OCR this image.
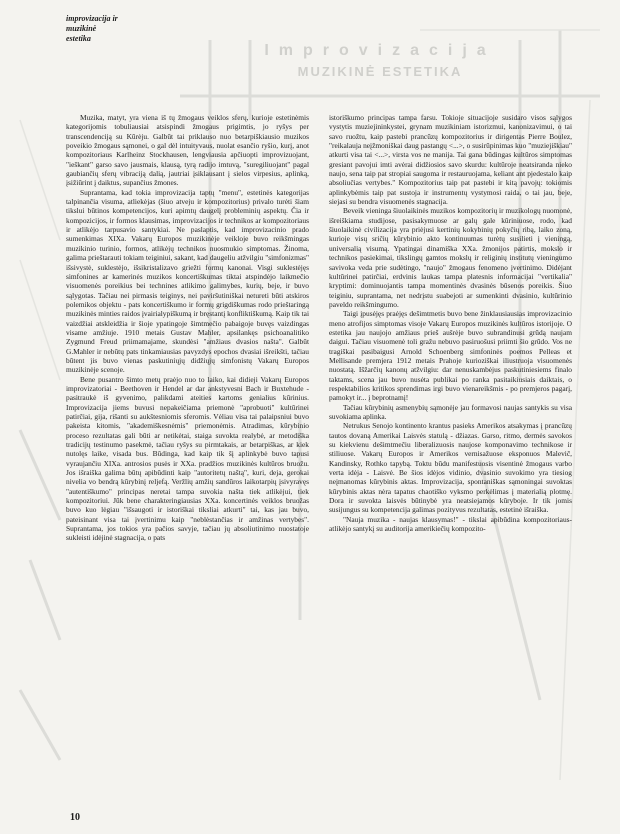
improvizacija ir
muzikinė
estetika
Improvizacija
MUZIKINĖ ESTETIKA

Muzika, matyt, yra viena iš tų žmogaus veiklos sferų, kurioje estetinėmis kategorijomis tobuliausiai atsispindi žmogaus prigimtis, jo ryšys per transcendenciją su Kūrėju. Galbūt tai priklauso nuo betarpiškiausio muzikos poveikio žmogaus sąmonei, o gal dėl intuityvaus, nuolat esančio ryšio, kurį, anot kompozitoriaus Karlheinz Stockhausen, lengviausia apčiuopti improvizuojant, "ieškant" garso savo jausmais, klausą, tyrą radijo imtuvą, "suregiliuojant" pagal gaubiančių sferų vibraciją dalią, jautriai įsiklausant į sielos virpesius, aplinką, įsižiūrint į daiktus, supančius žmones.

Suprantama, kad tokia improvizacija taptų "menu", estetinės kategorijas talpinančia visuma, atliekėjas (šiuo atveju ir kompozitorius) privalo turėti šiam tikslui būtinos kompetencijos, kuri apimtų daugelį probleminių aspektų. Čia ir kompozicijos, ir formos klausimas, improvizacijos ir technikos ar kompozitoriaus ir atlikėjo tarpusavio santykiai. Ne paslaptis, kad improvizacinio prado sumenkimas XIXa. Vakarų Europos muzikinėje veikloje buvo reikšmingas muzikinio turinio, formos, atlikėjų technikos nuosmukio simptomas. Žinoma, galima prieštarauti tokiam teiginiui, sakant, kad daugeliu atžvilgiu "simfonizmas" išsivystė, suklestėjo, išsikristalizavo griežti formų kanonai. Visgi suklestėjęs simfonines ar kamerinės muzikos koncertiškumas tiktai atspindėjo laikmečio visuomenės poreikius bei technines atlikimo galimybes, kurių, beje, ir buvo sąlygotas. Tačiau nei pirmasis teiginys, nei paviršutiniškai netureti būti atskiros polemikos objektu - pats koncertiškumo ir formų grigdiškumas rodo prieštaringą muzikinės minties raidos įvairialypiškumą ir bręstantį konfliktiškumą. Kaip tik tai vaizdžiai atskleidžia ir šioje ypatingoje šimtmečio pabaigoje buvęs vaizdingas visame amžiuje. 1910 metais Gustav Mahler, apsilankęs psichoanalitiko Zygmund Freud priimamajame, skundėsi "amžiaus dvasios našta". Galbūt G.Mahler ir nebūtų pats tinkamiausias pavyzdys epochos dvasiai išreikšti, tačiau būtent jis buvo vienas paskutiniųjų didžiųjų simfonistų Vakarų Europos muzikinėje scenoje.

Bene pusantro šimto metų praėjo nuo to laiko, kai didieji Vakarų Europos improvizatoriai - Beethoven ir Hendel ar dar ankstyvesni Bach ir Buxtehude - pasitraukė iš gyvenimo, palikdami ateities kartoms genialius kūrinius. Improvizacija jiems buvusi nepakeičiama priemonė "aprobuoti" kultūrinei patirčiai, gija, rišanti su aukštesniomis sferomis. Vėliau visa tai palaipsniui buvo pakeista kitomis, "akademiškesnėmis" priemonėmis. Atradimas, kūrybinio proceso rezultatas gali būti ar netikėtai, staiga suvokta realybė, ar metodiška tradicijų testinumo pasekmė, tačiau ryšys su pirmtakais, ar betarpiškas, ar kiek nutolęs laike, visada bus. Būdinga, kad kaip tik šį aplinkybė buvo tapusi vyraujančiu XIXa. antrosios pusės ir XXa. pradžios muzikinės kultūros bruožu. Jos išraiška galima būtų apibūdinti kaip "autoritetų naštą", kuri, deja, gerokai nivelia vo bendrą kūrybinį reljefą. Veržlių amžių sandūros laikotarpių įsivyravęs "autentiškumo" principas neretai tampa suvokia našta tiek atlikėjui, tiek kompozitoriui. Jūk bene charakteringiausias XXa. koncertinės veiklos bruožas buvo kuo lėgiau "išsaugoti ir istoriškai tiksliai atkurti" tai, kas jau buvo, pateisinant visa tai įvertinimu kaip "neblėstančias ir amžinas vertybes". Suprantama, jos tokios yra pačios savyje, tačiau jų absoliutinimo nuostatoje sukleisti idėjinė stagnacija, o pats

istoriškumo principas tampa farsu. Tokioje situacijoje susidaro visos sąlygos vystytis muziejininkystei, grynam muzikiniam istorizmui, kanonizavimui, o tai savo ruožtu, kaip pastebi prancūzų kompozitorius ir dirigentas Pierre Boulez, "reikalauja neįžmoniškai daug pastangų <...>, o susirūpinimas kuo "muziejiškiau" atkurti visa tai <...>, virsta vos ne manija. Tai gana būdingas kultūros simptomas gresiant pavojui imti avėrai didžiosios savo skurdu: kultūroje neatsiranda nieko naujo, sena taip pat stropiai saugoma ir restauruojama, keliant ant pjedestalo kaip absoliučias vertybes." Kompozitorius taip pat pastebi ir kitą pavojų: tokiomis aplinkybėmis taip pat sustoja ir instrumentų vystymosi raida, o tai jau, beje, siejasi su bendra visuomenės stagnacija.

Beveik vieninga šiuolaikinės muzikos kompozitorių ir muzikologų nuomonė, išreiškiama studijose, pasisakymuose ar galų gale kūriniuose, rodo, kad šiuolaikinė civilizacija yra priėjusi kertinių kokybinių pokyčių ribą, laiko zoną, kurioje visų sričių kūrybinio akto kontinuumas turėtų susilieti į vieningą, universalią visumą. Ypatingai dinamiška XXa. žmonijos patirtis, mokslo ir technikos pasiekimai, tikslingų gamtos mokslų ir religinių institutų vieningumo savivoka veda prie sudėtingo, "naujo" žmogaus fenomeno įvertinimo. Didėjant kultūrinei patirčiai, erdvinis laukas tampa platesnis informacijai "vertikalia" kryptimi: dominuojantis tampa momentinės dvasinės būsenos poreikis. Šiuo teiginiu, suprantama, net nedrįstu suabejoti ar sumenkinti dvasinio, kultūrinio paveldo reikšmingumo.

Taigi įpusėjęs praėjęs dešimtmetis buvo bene žinklausiausias improvizacinio meno atrofijos simptomas visoje Vakarų Europos muzikinės kultūros istorijoje. O estetika jau naujojo amžiaus prieš aušrėje buvo subrandinusi grūdą naujam daigui. Tačiau visuomenė toli gražu nebuvo pasiruošusi priimti šio grūdo. Vos ne tragiškai pasibaigusi Arnold Schoenberg simfoninės poemos Pelleas et Mellisande premjera 1912 metais Prahoje kurioziškai iliustruoja visuomenės nuostatą. Išžarčių kanonų atžvilgiu: dar nenuskambėjus paskutiniesiems finalo taktams, scena jau buvo nusėta publikai po ranka pasitaikiusiais daiktais, o respektabilios kritikos sprendimas irgi buvo vienareikšmis - po premjeros pagarį, pamokyt ir... į beprotnamį!

Tačiau kūrybinių asmenybių sąmonėje jau formavosi naujas santykis su visa suvokiama aplinka.

Netrukus Senojo kontinento krantus pasieks Amerikos atsakymas į prancūzų tautos dovaną Amerikai Laisvės statulą - džiazas. Garso, ritmo, dermės savokos su kiekvienu dešimtmečiu liberalizuosis naujose komponavimo technikose ir stiliuose. Vakarų Europos ir Amerikos vernisažuose eksponuos Malevič, Kandinsky, Rothko tapybą. Toktu būdu manifestuosis visentinė žmogaus varbo verta idėja - Laisvė. Be šios idėjos vidinio, dvasinio suvokimo yra tiesiog neįmanomas kūrybinis aktas. Improvizacija, spontaniškas sąmoningai suvoktas kūrybinis aktas nėra tapatus chaotiško vyksmo perkėlimas į materialią plotmę. Dora ir suvokta laisvės būtinybė yra neatsiejamos kūryboje. Ir tik jomis susijungus su kompetencija galimas pozityvus rezultatas, estetinė išraiška.

"Nauja muzika - naujas klausymas!" - tikslai apibūdina kompozitoriaus-atlikėjo santykį su auditorija amerikiečių kompozito-

10
